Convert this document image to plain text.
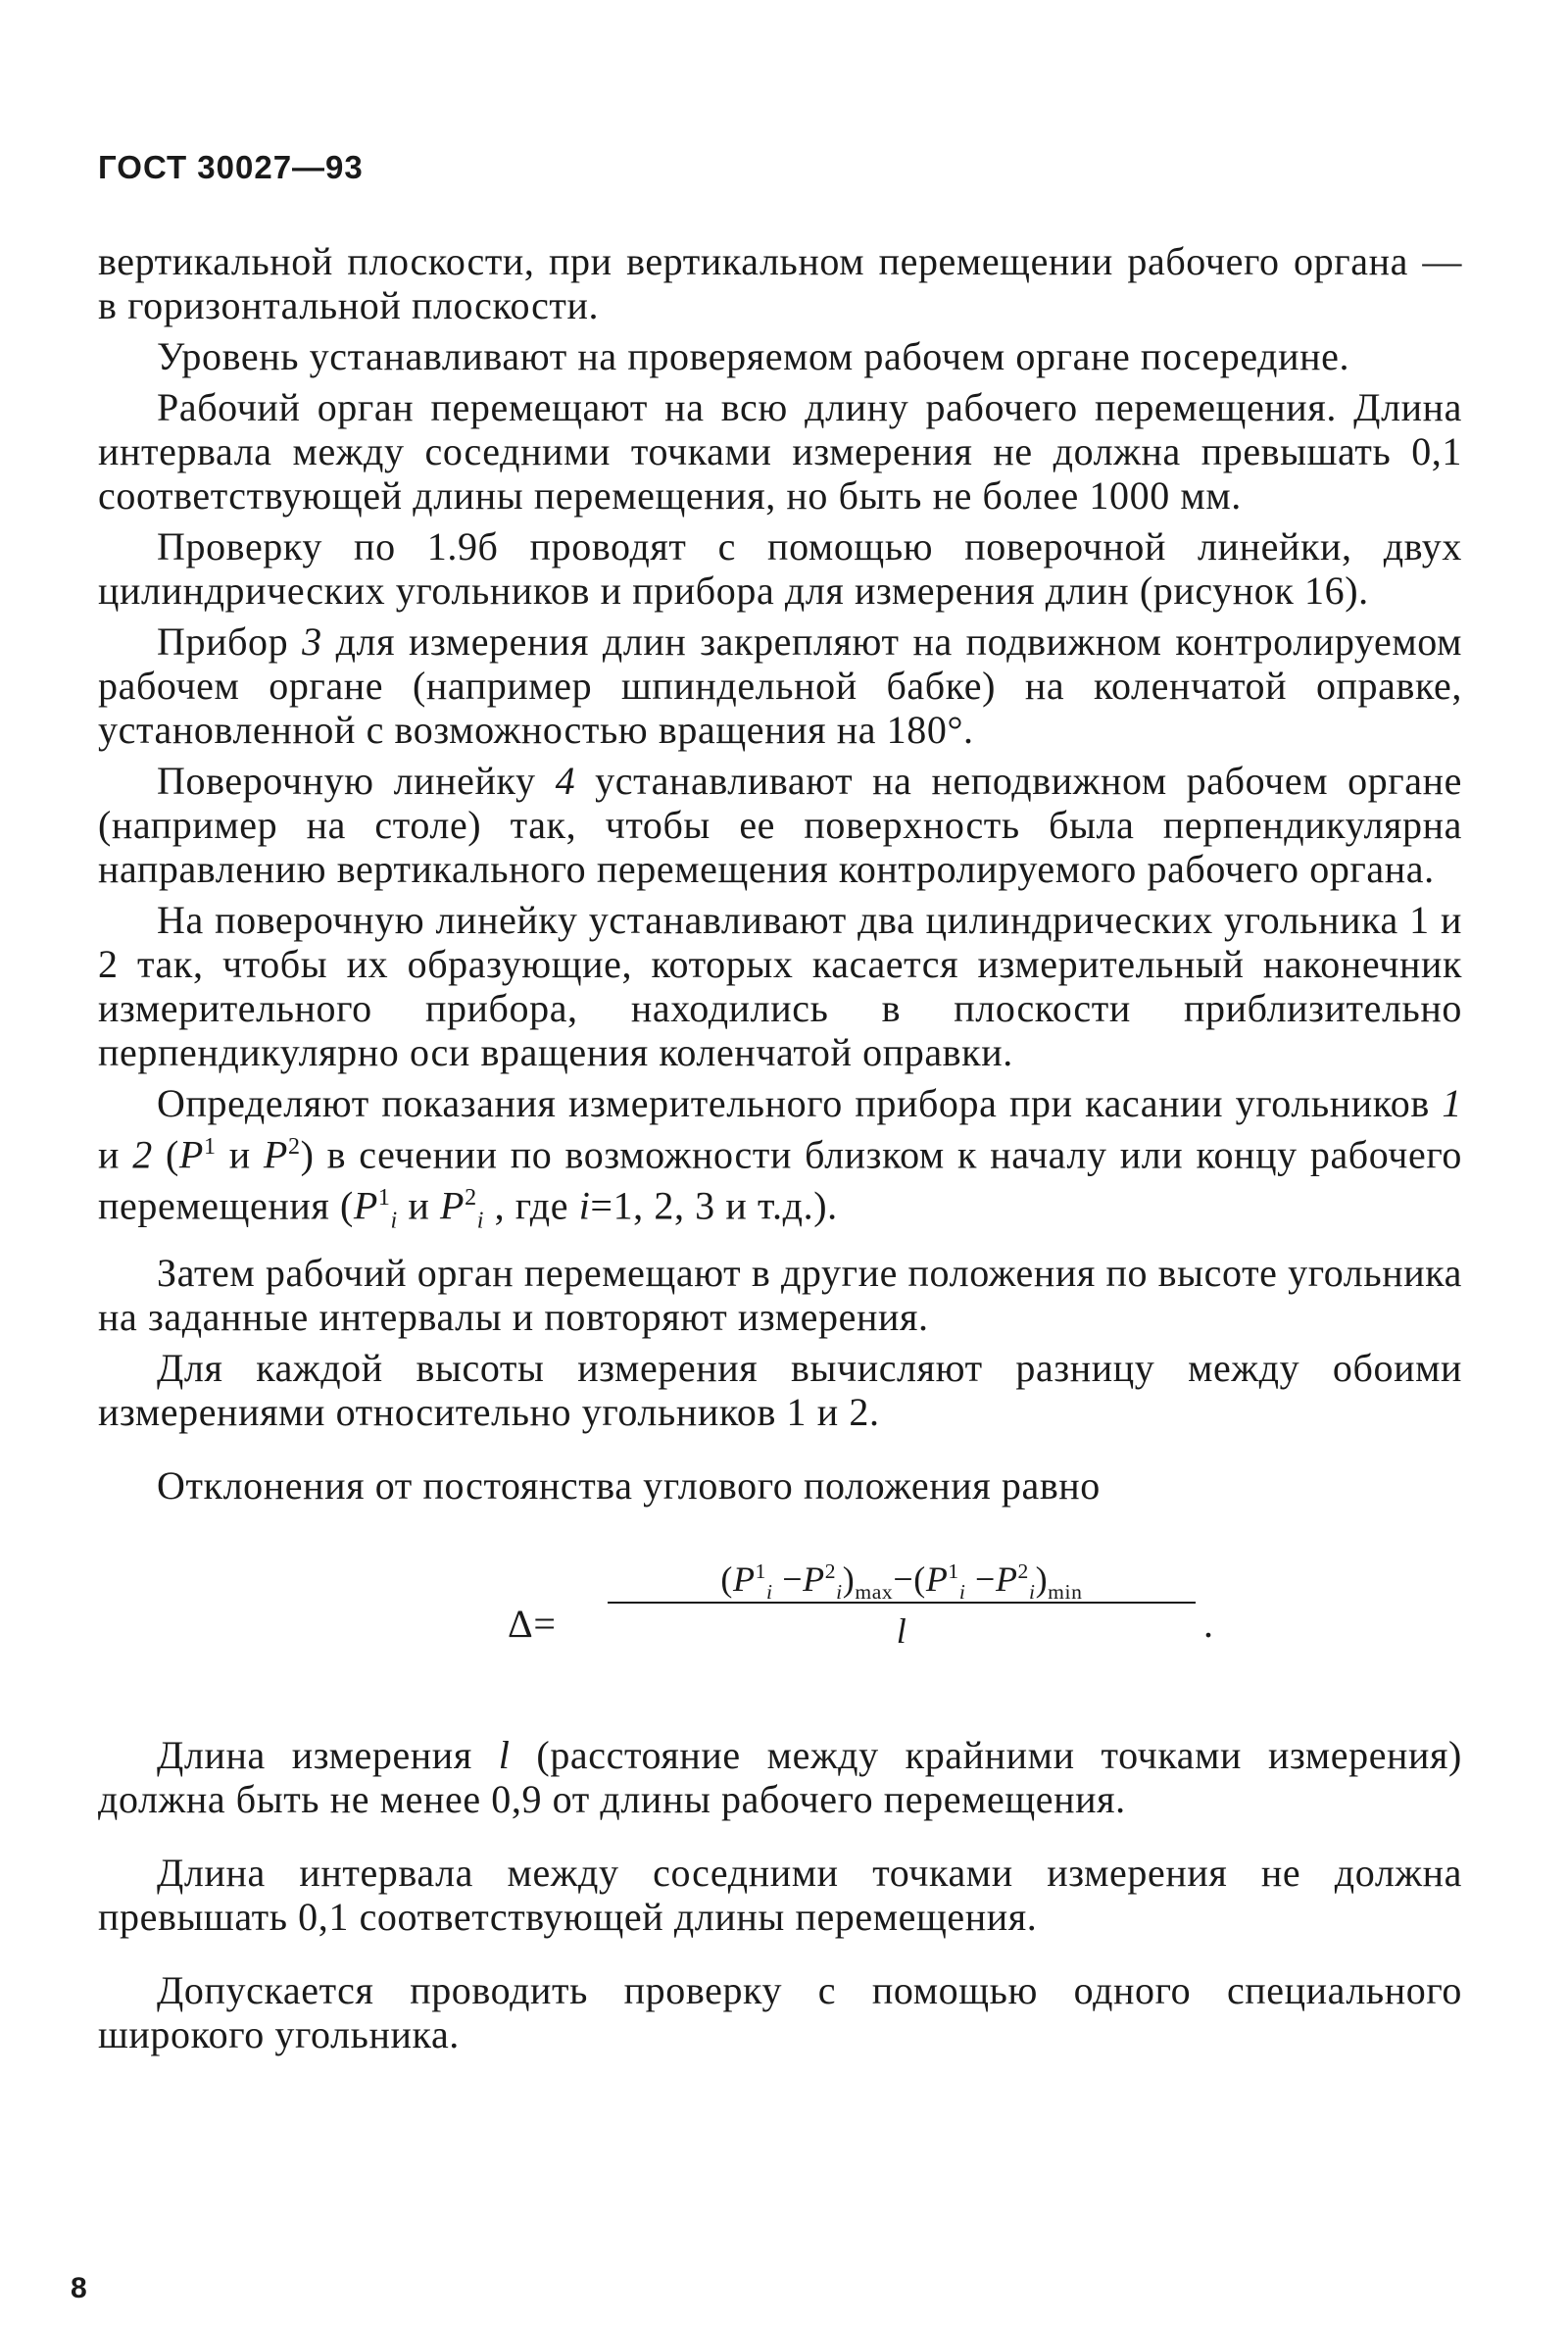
ГОСТ 30027—93

вертикальной плоскости, при вертикальном перемещении рабочего органа — в горизонтальной плоскости.

Уровень устанавливают на проверяемом рабочем органе посередине.

Рабочий орган перемещают на всю длину рабочего перемещения. Длина интервала между соседними точками измерения не должна превышать 0,1 соответствующей длины перемещения, но быть не более 1000 мм.

Проверку по 1.9б проводят с помощью поверочной линейки, двух цилиндрических угольников и прибора для измерения длин (рисунок 16).

Прибор 3 для измерения длин закрепляют на подвижном контролируемом рабочем органе (например шпиндельной бабке) на коленчатой оправке, установленной с возможностью вращения на 180°.

Поверочную линейку 4 устанавливают на неподвижном рабочем органе (например на столе) так, чтобы ее поверхность была перпендикулярна направлению вертикального перемещения контролируемого рабочего органа.

На поверочную линейку устанавливают два цилиндрических угольника 1 и 2 так, чтобы их образующие, которых касается измерительный наконечник измерительного прибора, находились в плоскости приблизительно перпендикулярно оси вращения коленчатой оправки.

Определяют показания измерительного прибора при касании угольников 1 и 2 ($P^1$ и $P^2$) в сечении по возможности близком к началу или концу рабочего перемещения ($P^1_i$ и $P^2_i$ , где i=1, 2, 3 и т.д.).

Затем рабочий орган перемещают в другие положения по высоте угольника на заданные интервалы и повторяют измерения.

Для каждой высоты измерения вычисляют разницу между обоими измерениями относительно угольников 1 и 2.

Отклонения от постоянства углового положения равно

Δ=
$(P^1_i -P^2_i)_{max}-(P^1_i -P^2_i)_{min}$
l	.

Длина измерения l (расстояние между крайними точками измерения) должна быть не менее 0,9 от длины рабочего перемещения.

Длина интервала между соседними точками измерения не должна превышать 0,1 соответствующей длины перемещения.

Допускается проводить проверку с помощью одного специального широкого угольника.

8
